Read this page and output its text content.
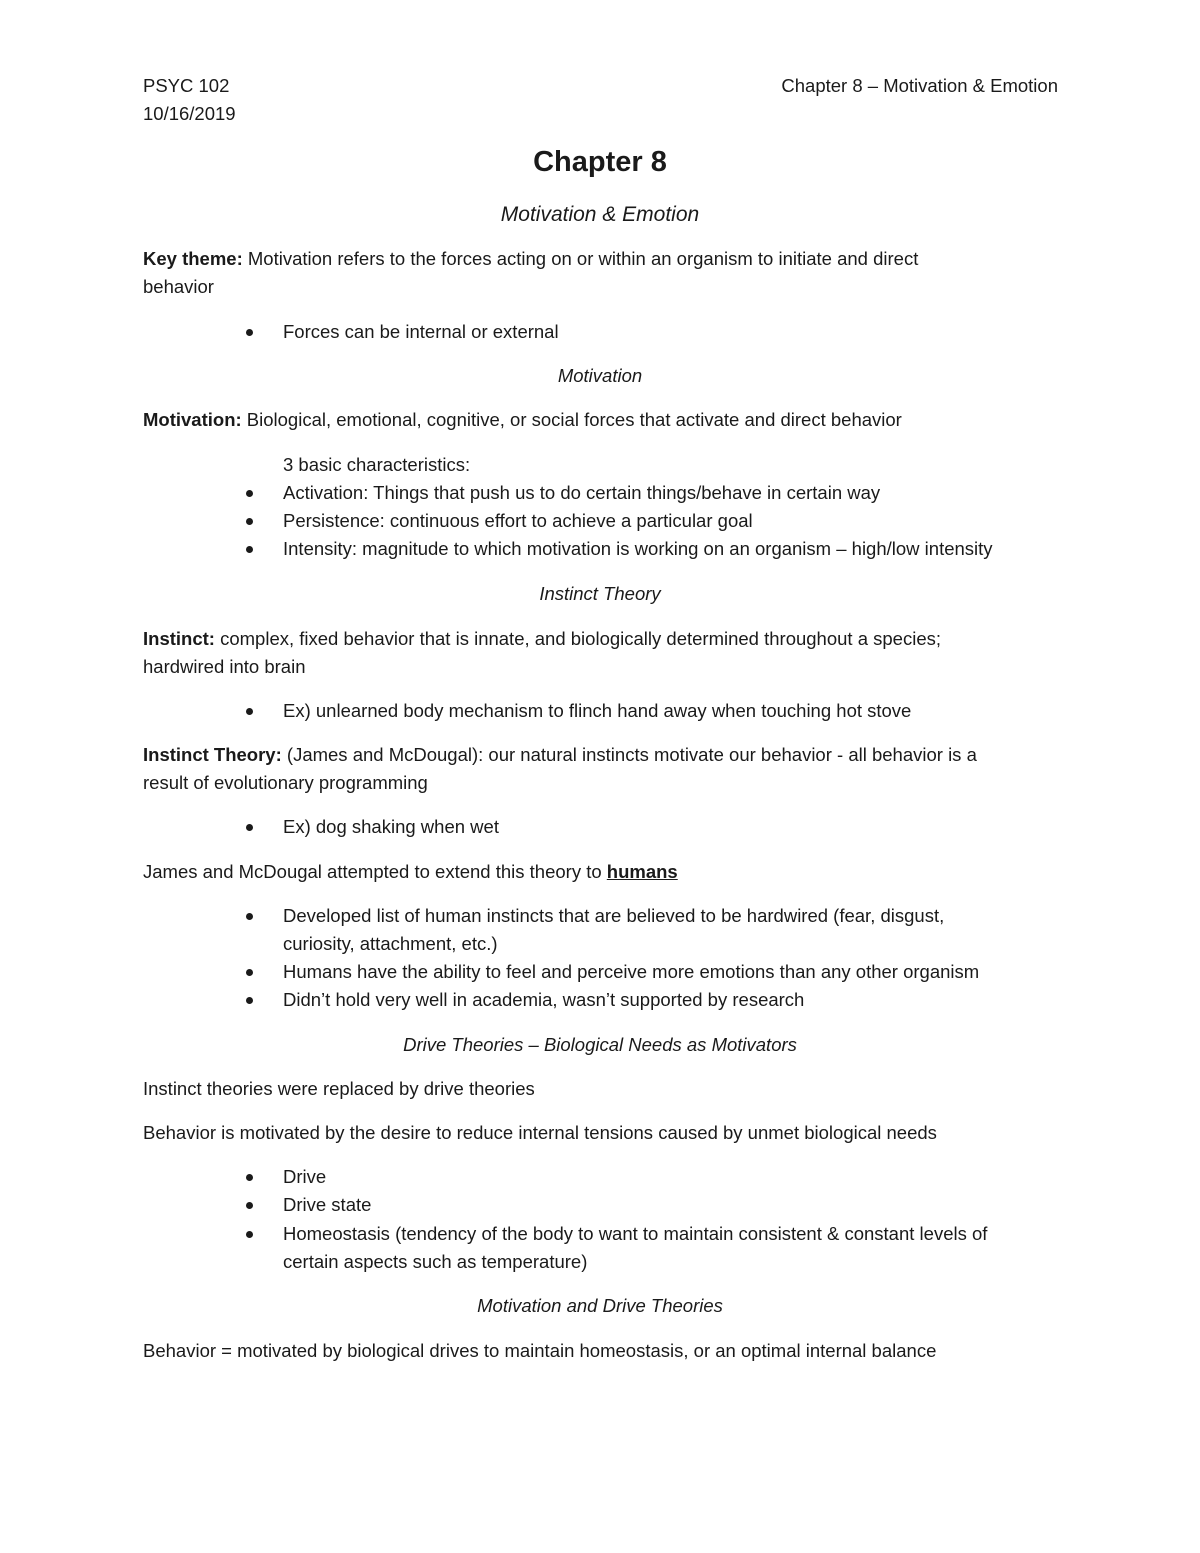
PSYC 102
10/16/2019
Chapter 8 – Motivation & Emotion
Chapter 8
Motivation & Emotion
Key theme: Motivation refers to the forces acting on or within an organism to initiate and direct
behavior
Forces can be internal or external
Motivation
Motivation: Biological, emotional, cognitive, or social forces that activate and direct behavior
3 basic characteristics:
Activation: Things that push us to do certain things/behave in certain way
Persistence: continuous effort to achieve a particular goal
Intensity: magnitude to which motivation is working on an organism – high/low intensity
Instinct Theory
Instinct: complex, fixed behavior that is innate, and biologically determined throughout a species;
hardwired into brain
Ex) unlearned body mechanism to flinch hand away when touching hot stove
Instinct Theory: (James and McDougal): our natural instincts motivate our behavior - all behavior is a
result of evolutionary programming
Ex) dog shaking when wet
James and McDougal attempted to extend this theory to humans
Developed list of human instincts that are believed to be hardwired (fear, disgust,
curiosity, attachment, etc.)
Humans have the ability to feel and perceive more emotions than any other organism
Didn’t hold very well in academia, wasn’t supported by research
Drive Theories – Biological Needs as Motivators
Instinct theories were replaced by drive theories
Behavior is motivated by the desire to reduce internal tensions caused by unmet biological needs
Drive
Drive state
Homeostasis (tendency of the body to want to maintain consistent & constant levels of
certain aspects such as temperature)
Motivation and Drive Theories
Behavior = motivated by biological drives to maintain homeostasis, or an optimal internal balance
